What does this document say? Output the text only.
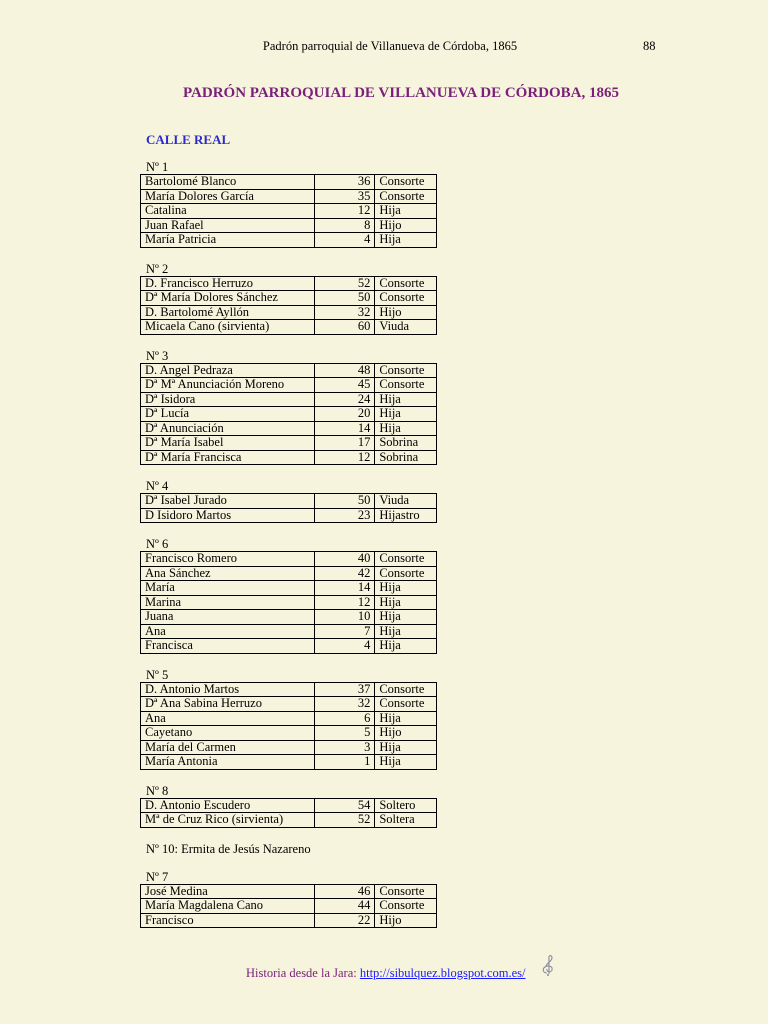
Padrón parroquial de Villanueva de Córdoba, 1865	88
PADRÓN PARROQUIAL DE VILLANUEVA DE CÓRDOBA, 1865
CALLE REAL
Nº 1
Bartolomé Blanco	36	Consorte
María Dolores García	35	Consorte
Catalina	12	Hija
Juan Rafael	8	Hijo
María Patricia	4	Hija
Nº 2
D. Francisco Herruzo	52	Consorte
Dª María Dolores Sánchez	50	Consorte
D. Bartolomé Ayllón	32	Hijo
Micaela Cano (sirvienta)	60	Viuda
Nº 3
D. Angel Pedraza	48	Consorte
Dª Mª Anunciación Moreno	45	Consorte
Dª Isidora	24	Hija
Dª Lucía	20	Hija
Dª Anunciación	14	Hija
Dª María Isabel	17	Sobrina
Dª María Francisca	12	Sobrina
Nº 4
Dª Isabel Jurado	50	Viuda
D Isidoro Martos	23	Hijastro
Nº 6
Francisco Romero	40	Consorte
Ana Sánchez	42	Consorte
María	14	Hija
Marina	12	Hija
Juana	10	Hija
Ana	7	Hija
Francisca	4	Hija
Nº 5
D. Antonio Martos	37	Consorte
Dª Ana Sabina Herruzo	32	Consorte
Ana	6	Hija
Cayetano	5	Hijo
María del Carmen	3	Hija
María Antonia	1	Hija
Nº 8
D. Antonio Escudero	54	Soltero
Mª de Cruz Rico (sirvienta)	52	Soltera
Nº 10: Ermita de Jesús Nazareno
Nº 7
José Medina	46	Consorte
María Magdalena Cano	44	Consorte
Francisco	22	Hijo
Historia desde la Jara: http://sibulquez.blogspot.com.es/
